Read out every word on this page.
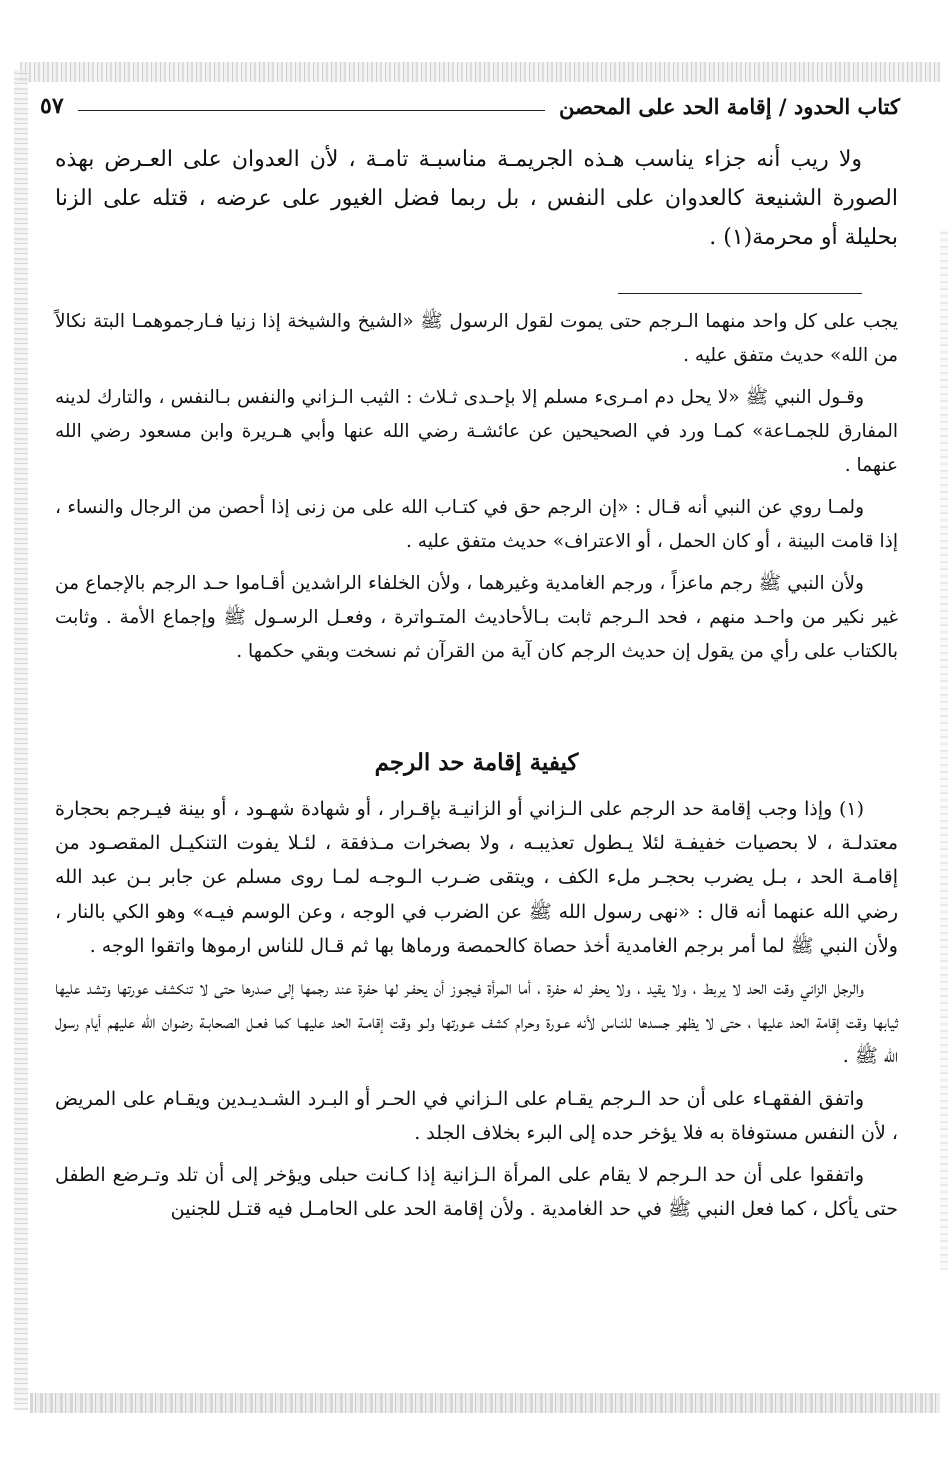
كتاب الحدود / إقامة الحد على المحصن
٥٧

ولا ريب أنه جزاء يناسب هـذه الجريمـة مناسبـة تامـة ، لأن العدوان على العـرض بهذه الصورة الشنيعة كالعدوان على النفس ، بل ربما فضل الغيور على عرضه ، قتله على الزنا بحليلة أو محرمة(١) .

يجب على كل واحد منهما الـرجم حتى يموت لقول الرسول ﷺ «الشيخ والشيخة إذا زنيا فـارجموهمـا البتة نكالاً من الله» حديث متفق عليه .

وقـول النبي ﷺ «لا يحل دم امـرىء مسلم إلا بإحـدى ثـلاث : الثيب الـزاني والنفس بـالنفس ، والتارك لدينه المفارق للجمـاعة» كمـا ورد في الصحيحين عن عائشـة رضي الله عنها وأبي هـريرة وابن مسعود رضي الله عنهما .

ولمـا روي عن النبي أنه قـال : «إن الرجم حق في كتـاب الله على من زنى إذا أحصن من الرجال والنساء ، إذا قامت البينة ، أو كان الحمل ، أو الاعتراف» حديث متفق عليه .

ولأن النبي ﷺ رجم ماعزاً ، ورجم الغامدية وغيرهما ، ولأن الخلفاء الراشدين أقـاموا حـد الرجم بالإجماع من غير نكير من واحـد منهم ، فحد الـرجم ثابت بـالأحاديث المتـواترة ، وفعـل الرسـول ﷺ وإجماع الأمة . وثابت بالكتاب على رأي من يقول إن حديث الرجم كان آية من القرآن ثم نسخت وبقي حكمها .

كيفية إقامة حد الرجم

(١) وإذا وجب إقامة حد الرجم على الـزاني أو الزانيـة بإقـرار ، أو شهادة شهـود ، أو بينة فيـرجم بحجارة معتدلـة ، لا بحصيات خفيفـة لئلا يـطول تعذيبـه ، ولا بصخرات مـذفقة ، لئـلا يفوت التنكيـل المقصـود من إقامـة الحد ، بـل يضرب بحجـر ملء الكف ، ويتقى ضـرب الـوجـه لمـا روى مسلم عن جابر بـن عبد الله رضي الله عنهما أنه قال : «نهى رسول الله ﷺ عن الضرب في الوجه ، وعن الوسم فيـه» وهو الكي بالنار ، ولأن النبي ﷺ لما أمر برجم الغامدية أخذ حصاة كالحمصة ورماها بها ثم قـال للناس ارموها واتقوا الوجه .

والرجل الزاني وقت الحد لا يربط ، ولا يقيد ، ولا يحفر له حفرة ، أما المرأة فيجـوز أن يحفـر لها حفرة عند رجمها إلى صدرها حتى لا تنكشف عورتها وتشد عليها ثيابها وقت إقامة الحد عليها ، حتى لا يظهر جسدها للنـاس لأنه عـورة وحرام كشف عـورتها ولـو وقت إقامـة الحد عليهـا كما فعـل الصحابـة رضوان الله عليهم أيام رسول الله ﷺ .

واتفق الفقهـاء على أن حد الـرجم يقـام على الـزاني في الحـر أو البـرد الشـديـدين ويقـام على المريض ، لأن النفس مستوفاة به فلا يؤخر حده إلى البرء بخلاف الجلد .

واتفقوا على أن حد الـرجم لا يقام على المرأة الـزانية إذا كـانت حبلى ويؤخر إلى أن تلد وتـرضع الطفل حتى يأكل ، كما فعل النبي ﷺ في حد الغامدية . ولأن إقامة الحد على الحامـل فيه قتـل للجنين
